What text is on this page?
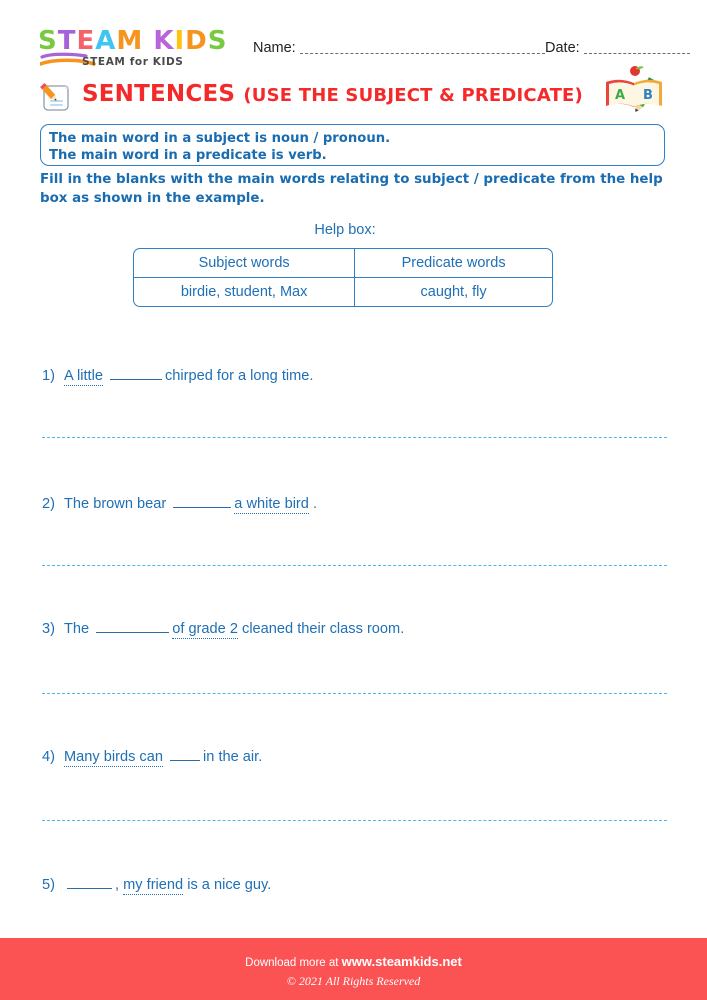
STEAM KIDS
STEAM for KIDS
Name:	Date:
SENTENCES (USE THE SUBJECT & PREDICATE) A B
The main word in a subject is noun / pronoun.
The main word in a predicate is verb.
Fill in the blanks with the main words relating to subject / predicate from the help box as shown in the example.
Help box:
Subject words	Predicate words
birdie, student, Max	caught, fly
1) A little	chirped for a long time.
2) The brown bear	a white bird .
3) The	of grade 2 cleaned their class room.
4) Many birds can	in the air.
5)	, my friend is a nice guy.
Download more at www.steamkids.net
© 2021 All Rights Reserved
